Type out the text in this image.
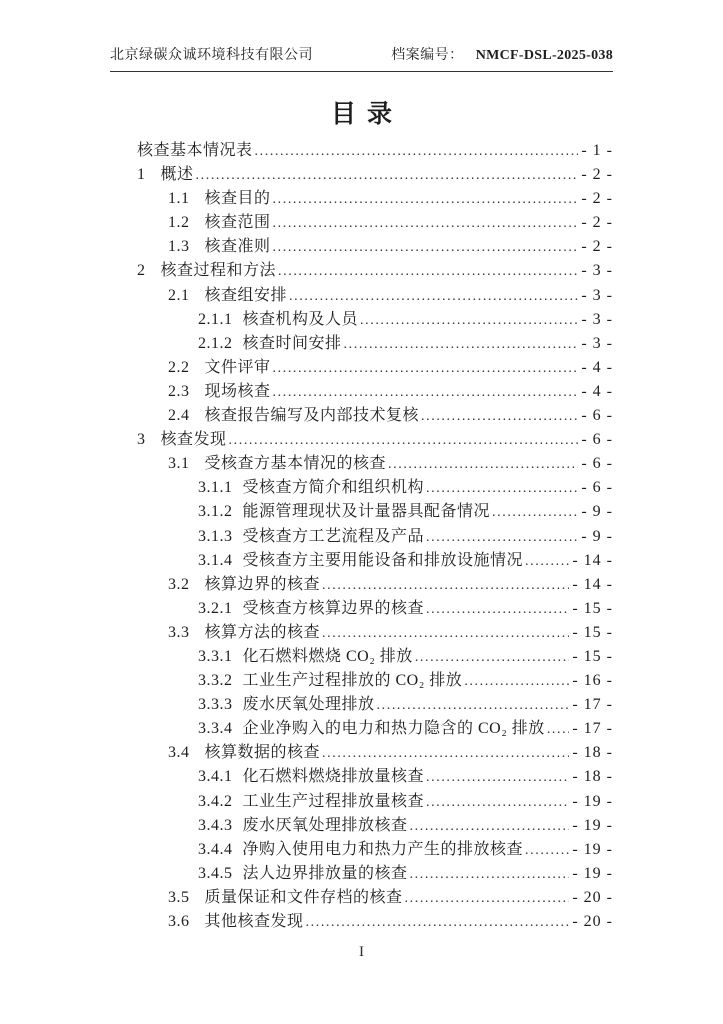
北京绿碳众诚环境科技有限公司	档案编号： NMCF-DSL-2025-038
目录
核查基本情况表 .....	- 1 -
1 概述 .....	- 2 -
1.1 核查目的 .....	- 2 -
1.2 核查范围 .....	- 2 -
1.3 核查准则 .....	- 2 -
2 核查过程和方法 .....	- 3 -
2.1 核查组安排 .....	- 3 -
2.1.1 核查机构及人员 .....	- 3 -
2.1.2 核查时间安排 .....	- 3 -
2.2 文件评审 .....	- 4 -
2.3 现场核查 .....	- 4 -
2.4 核查报告编写及内部技术复核 .....	- 6 -
3 核查发现 .....	- 6 -
3.1 受核查方基本情况的核查 .....	- 6 -
3.1.1 受核查方简介和组织机构 .....	- 6 -
3.1.2 能源管理现状及计量器具配备情况 .....	- 9 -
3.1.3 受核查方工艺流程及产品 .....	- 9 -
3.1.4 受核查方主要用能设备和排放设施情况 .....	- 14 -
3.2 核算边界的核查 .....	- 14 -
3.2.1 受核查方核算边界的核查 .....	- 15 -
3.3 核算方法的核查 .....	- 15 -
3.3.1 化石燃料燃烧 CO₂ 排放 .....	- 15 -
3.3.2 工业生产过程排放的 CO₂ 排放 .....	- 16 -
3.3.3 废水厌氧处理排放 .....	- 17 -
3.3.4 企业净购入的电力和热力隐含的 CO₂ 排放 ..... - 17 -
3.4 核算数据的核查 .....	- 18 -
3.4.1 化石燃料燃烧排放量核查 .....	- 18 -
3.4.2 工业生产过程排放量核查 .....	- 19 -
3.4.3 废水厌氧处理排放核查 .....	- 19 -
3.4.4 净购入使用电力和热力产生的排放核查 .....	- 19 -
3.4.5 法人边界排放量的核查 .....	- 19 -
3.5 质量保证和文件存档的核查 .....	- 20 -
3.6 其他核查发现 .....	- 20 -
I
